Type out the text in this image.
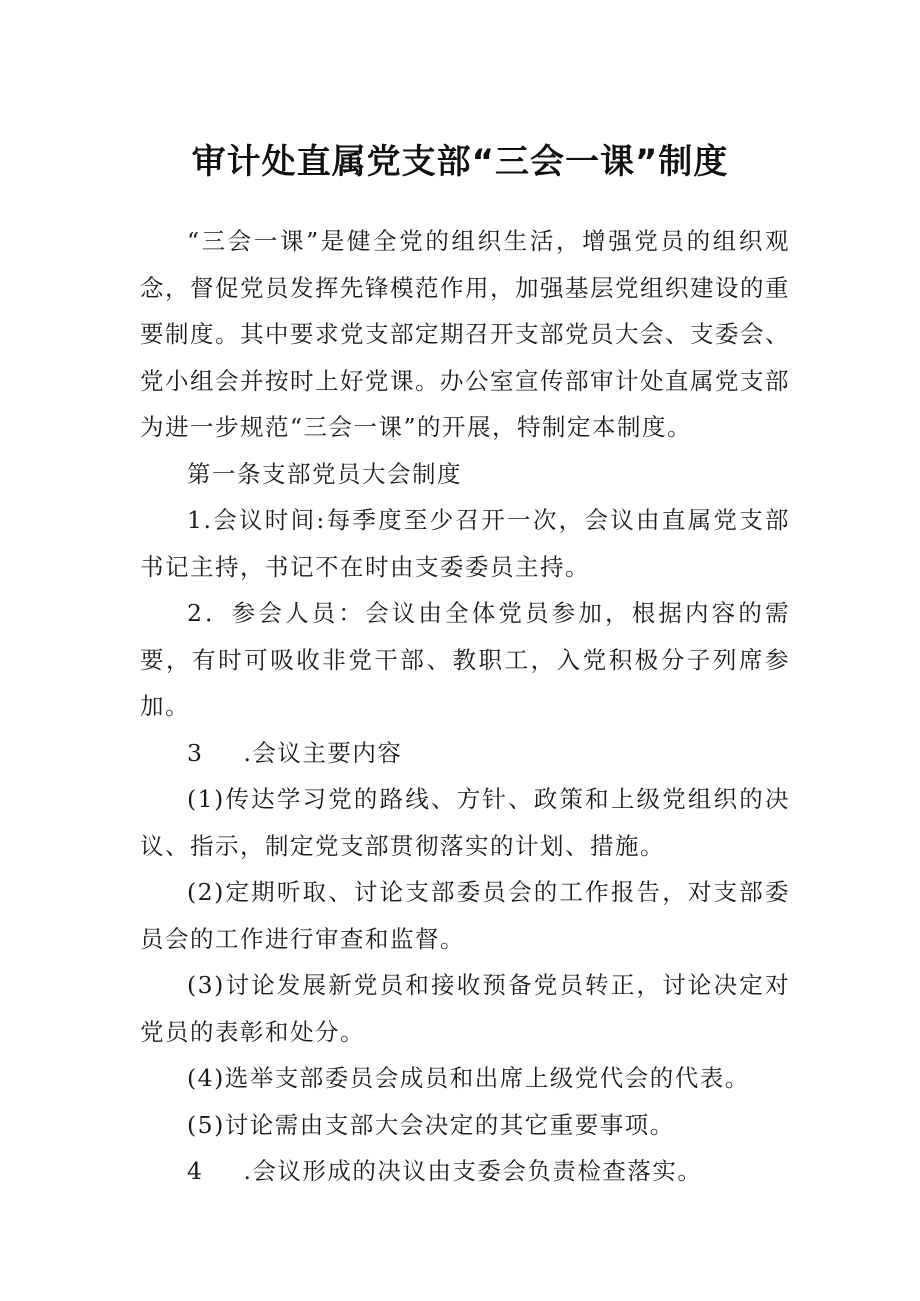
审计处直属党支部“三会一课”制度

“三会一课”是健全党的组织生活，增强党员的组织观念，督促党员发挥先锋模范作用，加强基层党组织建设的重要制度。其中要求党支部定期召开支部党员大会、支委会、党小组会并按时上好党课。办公室宣传部审计处直属党支部为进一步规范“三会一课”的开展，特制定本制度。

第一条支部党员大会制度

1.会议时间:每季度至少召开一次，会议由直属党支部书记主持，书记不在时由支委委员主持。

2．参会人员：会议由全体党员参加，根据内容的需要，有时可吸收非党干部、教职工，入党积极分子列席参加。

3 .会议主要内容

(1)传达学习党的路线、方针、政策和上级党组织的决议、指示，制定党支部贯彻落实的计划、措施。

(2)定期听取、讨论支部委员会的工作报告，对支部委员会的工作进行审查和监督。

(3)讨论发展新党员和接收预备党员转正，讨论决定对党员的表彰和处分。

(4)选举支部委员会成员和出席上级党代会的代表。

(5)讨论需由支部大会决定的其它重要事项。

4 .会议形成的决议由支委会负责检查落实。
